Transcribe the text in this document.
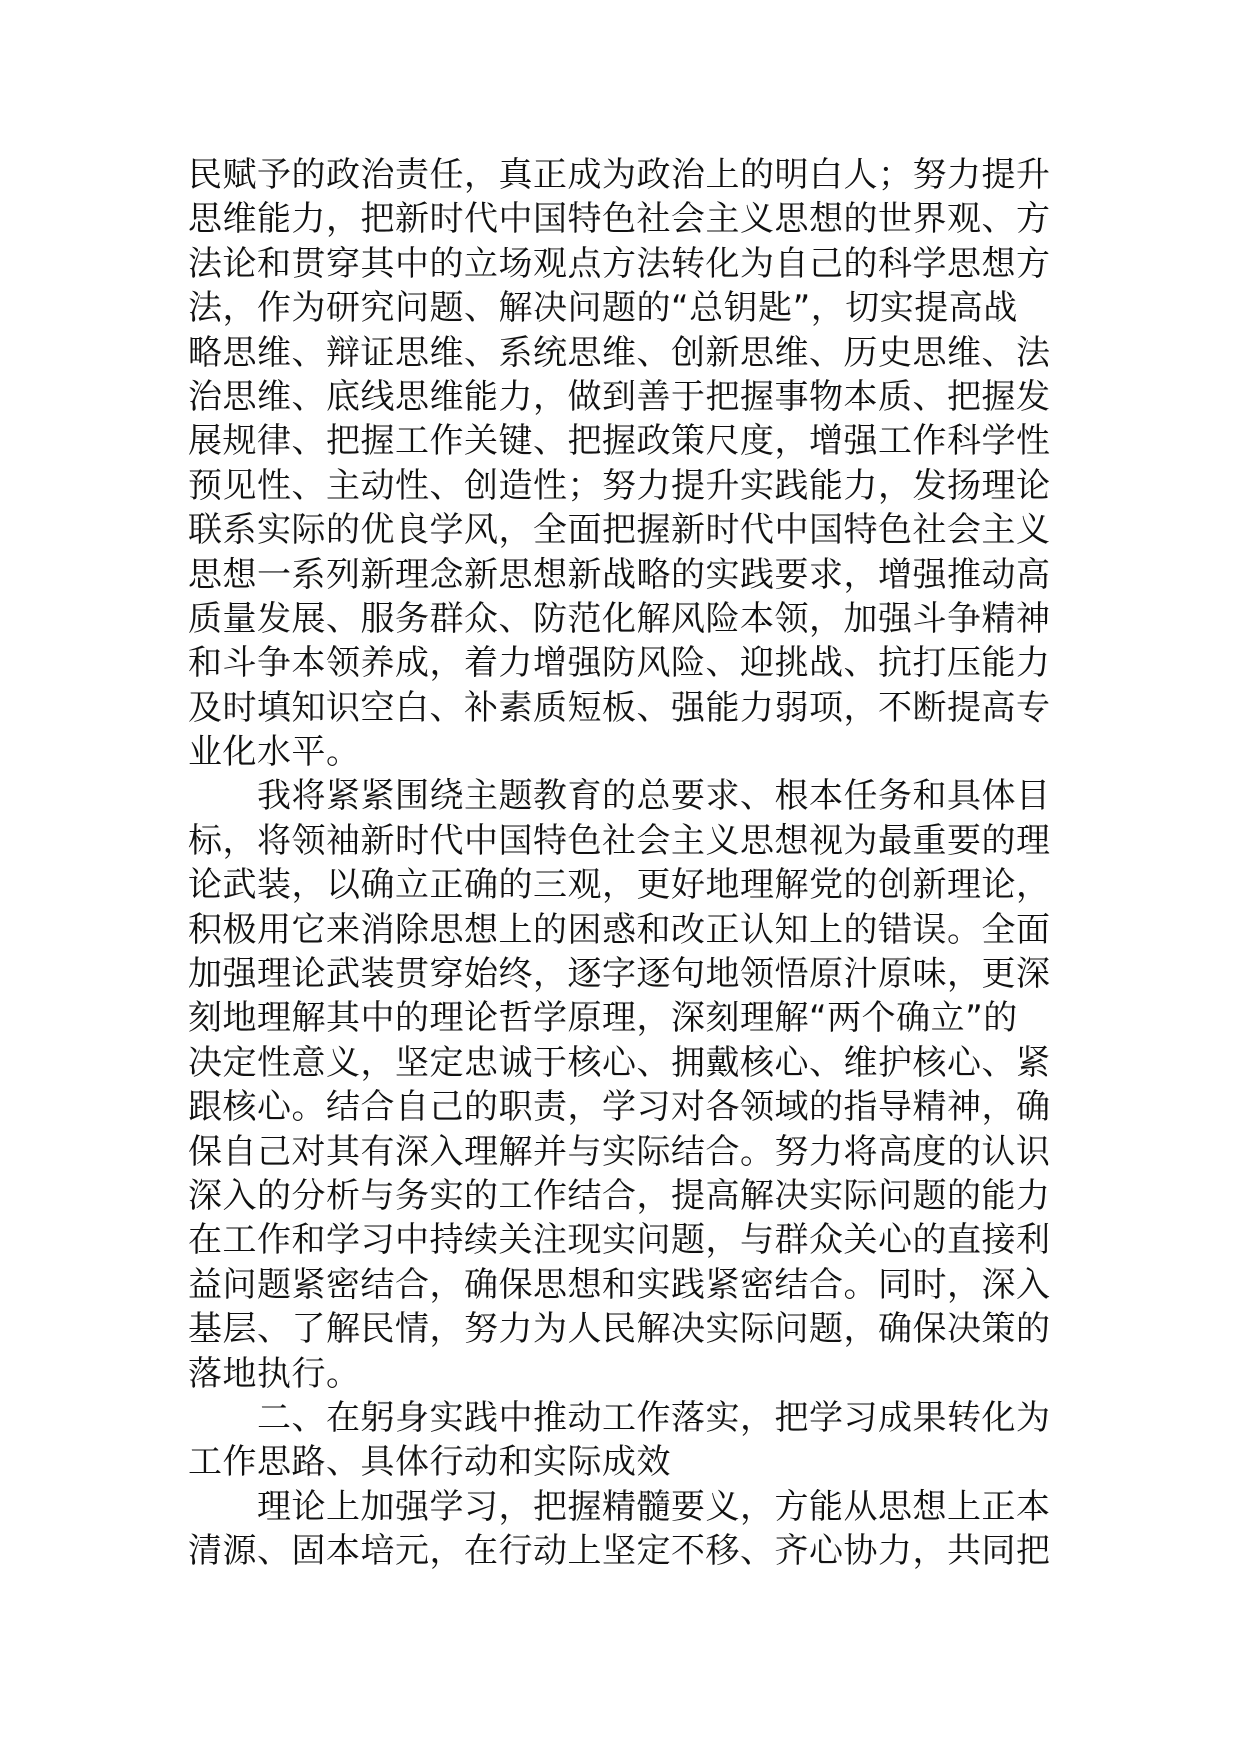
民赋予的政治责任，真正成为政治上的明白人；努力提升
思维能力，把新时代中国特色社会主义思想的世界观、方
法论和贯穿其中的立场观点方法转化为自己的科学思想方
法，作为研究问题、解决问题的“总钥匙”，切实提高战
略思维、辩证思维、系统思维、创新思维、历史思维、法
治思维、底线思维能力，做到善于把握事物本质、把握发
展规律、把握工作关键、把握政策尺度，增强工作科学性
预见性、主动性、创造性；努力提升实践能力，发扬理论
联系实际的优良学风，全面把握新时代中国特色社会主义
思想一系列新理念新思想新战略的实践要求，增强推动高
质量发展、服务群众、防范化解风险本领，加强斗争精神
和斗争本领养成，着力增强防风险、迎挑战、抗打压能力
及时填知识空白、补素质短板、强能力弱项，不断提高专
业化水平。
　　我将紧紧围绕主题教育的总要求、根本任务和具体目
标，将领袖新时代中国特色社会主义思想视为最重要的理
论武装，以确立正确的三观，更好地理解党的创新理论，
积极用它来消除思想上的困惑和改正认知上的错误。全面
加强理论武装贯穿始终，逐字逐句地领悟原汁原味，更深
刻地理解其中的理论哲学原理，深刻理解“两个确立”的
决定性意义，坚定忠诚于核心、拥戴核心、维护核心、紧
跟核心。结合自己的职责，学习对各领域的指导精神，确
保自己对其有深入理解并与实际结合。努力将高度的认识
深入的分析与务实的工作结合，提高解决实际问题的能力
在工作和学习中持续关注现实问题，与群众关心的直接利
益问题紧密结合，确保思想和实践紧密结合。同时，深入
基层、了解民情，努力为人民解决实际问题，确保决策的
落地执行。
　　二、在躬身实践中推动工作落实，把学习成果转化为
工作思路、具体行动和实际成效
　　理论上加强学习，把握精髓要义，方能从思想上正本
清源、固本培元，在行动上坚定不移、齐心协力，共同把
